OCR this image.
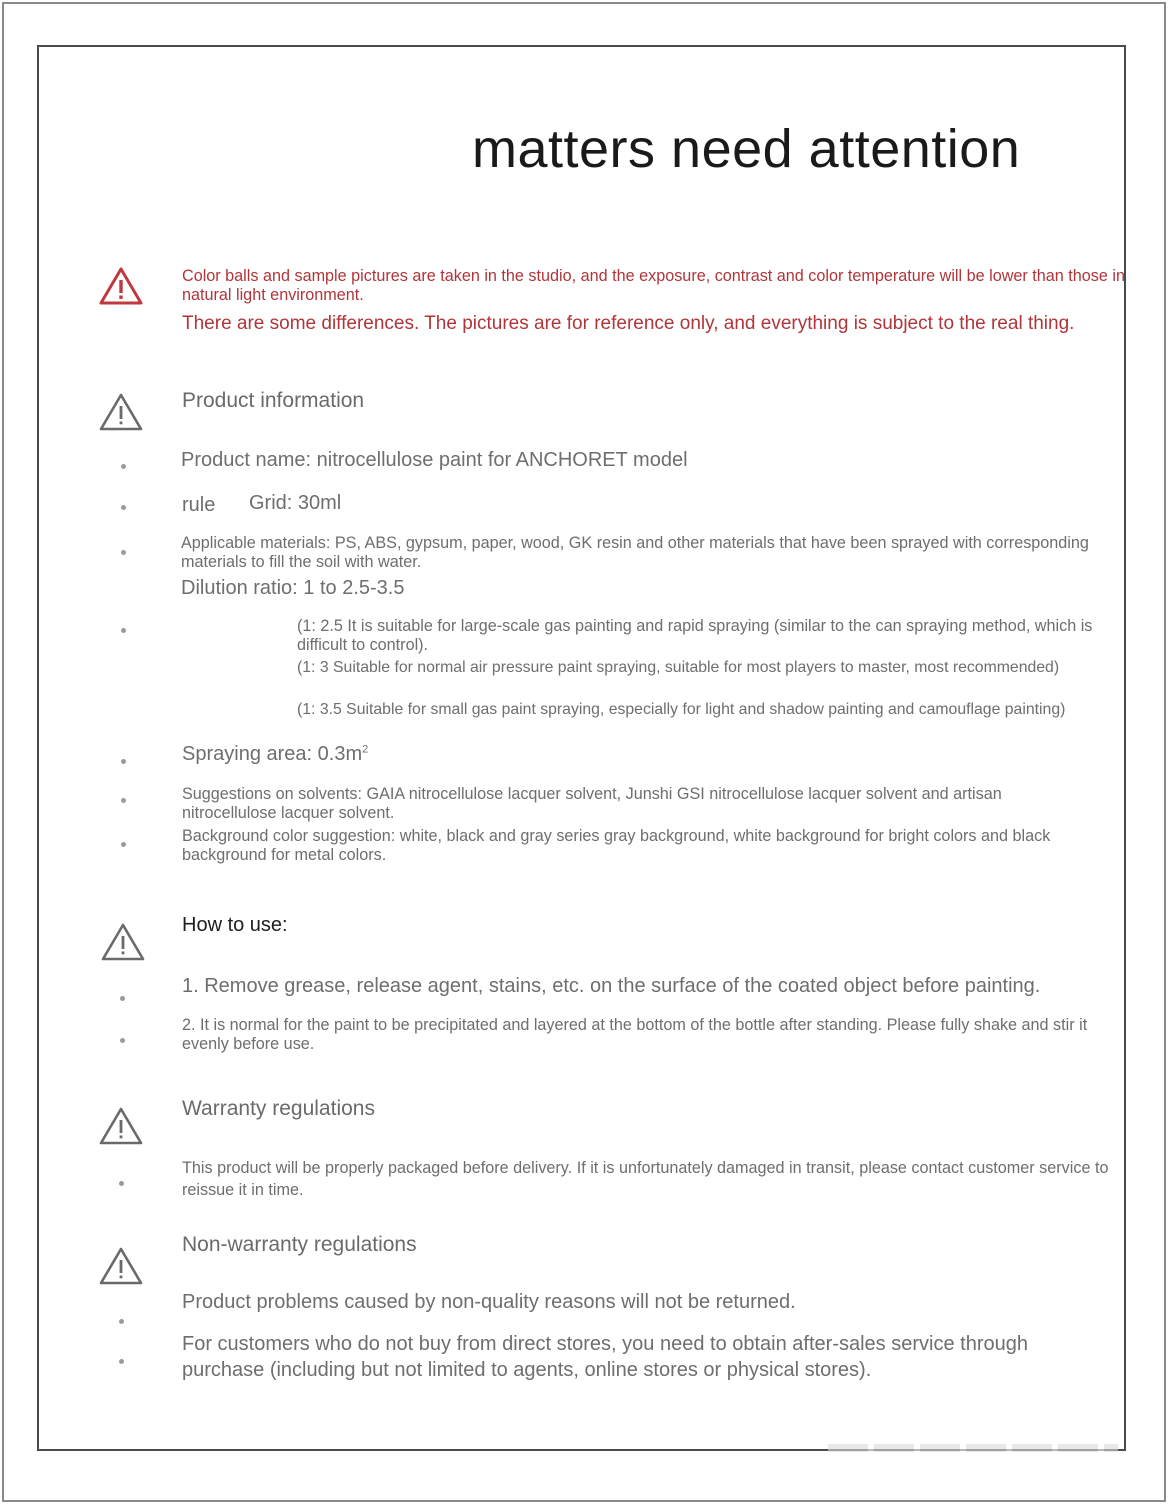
matters need attention

Color balls and sample pictures are taken in the studio, and the exposure, contrast and color temperature will be lower than those in natural light environment.

There are some differences. The pictures are for reference only, and everything is subject to the real thing.

Product information

Product name: nitrocellulose paint for ANCHORET model

rule Grid: 30ml

Applicable materials: PS, ABS, gypsum, paper, wood, GK resin and other materials that have been sprayed with corresponding materials to fill the soil with water.

Dilution ratio: 1 to 2.5-3.5

(1: 2.5 It is suitable for large-scale gas painting and rapid spraying (similar to the can spraying method, which is difficult to control).

(1: 3 Suitable for normal air pressure paint spraying, suitable for most players to master, most recommended)

(1: 3.5 Suitable for small gas paint spraying, especially for light and shadow painting and camouflage painting)

Spraying area: $0.3m^2$

Suggestions on solvents: GAIA nitrocellulose lacquer solvent, Junshi GSI nitrocellulose lacquer solvent and artisan nitrocellulose lacquer solvent.

Background color suggestion: white, black and gray series gray background, white background for bright colors and black background for metal colors.

How to use:

1. Remove grease, release agent, stains, etc. on the surface of the coated object before painting.

2. It is normal for the paint to be precipitated and layered at the bottom of the bottle after standing. Please fully shake and stir it evenly before use.

Warranty regulations

This product will be properly packaged before delivery. If it is unfortunately damaged in transit, please contact customer service to reissue it in time.

Non-warranty regulations

Product problems caused by non-quality reasons will not be returned.

For customers who do not buy from direct stores, you need to obtain after-sales service through purchase (including but not limited to agents, online stores or physical stores).
